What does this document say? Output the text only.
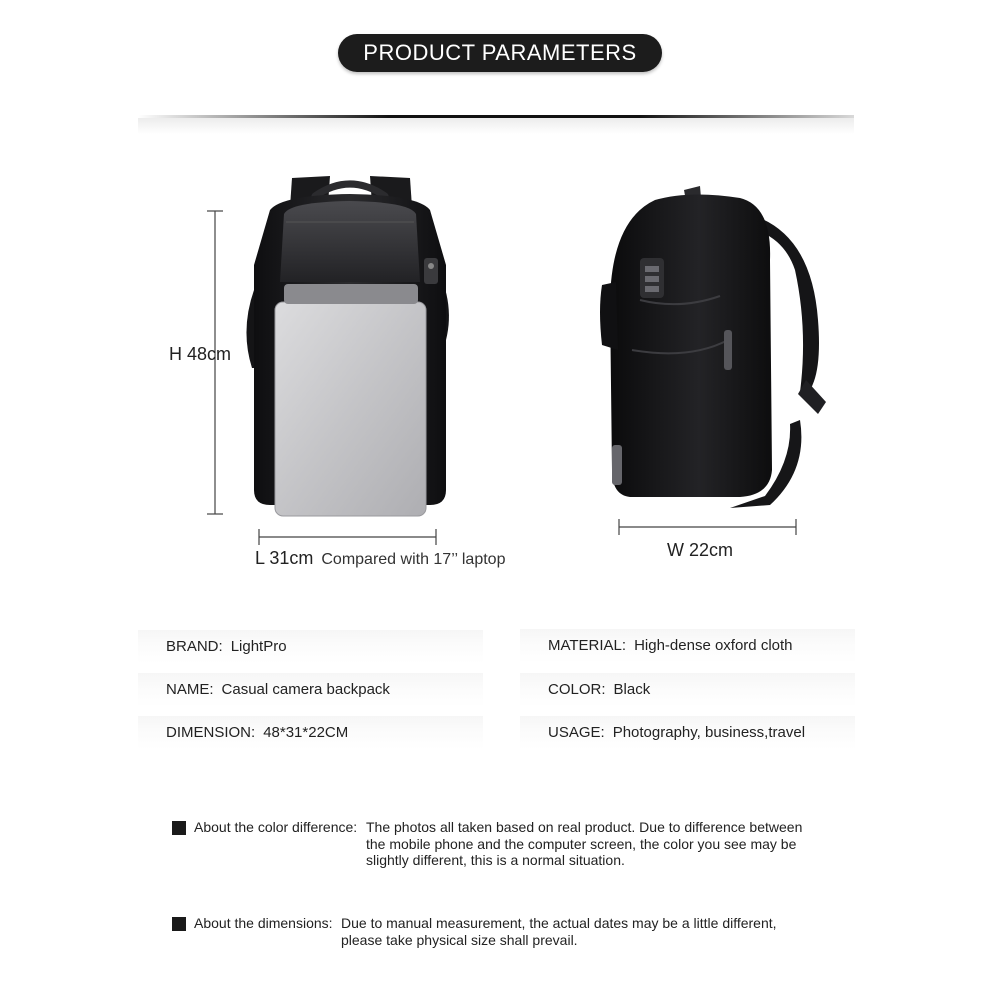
PRODUCT PARAMETERS
H 48cm
L 31cm Compared with 17’’ laptop	W 22cm
BRAND: LightPro
NAME: Casual camera backpack
DIMENSION: 48*31*22CM
MATERIAL: High-dense oxford cloth
COLOR: Black
USAGE: Photography, business,travel
About the color difference: The photos all taken based on real product. Due to difference between
the mobile phone and the computer screen, the color you see may be
slightly different, this is a normal situation.
About the dimensions: Due to manual measurement, the actual dates may be a little different,
please take physical size shall prevail.
